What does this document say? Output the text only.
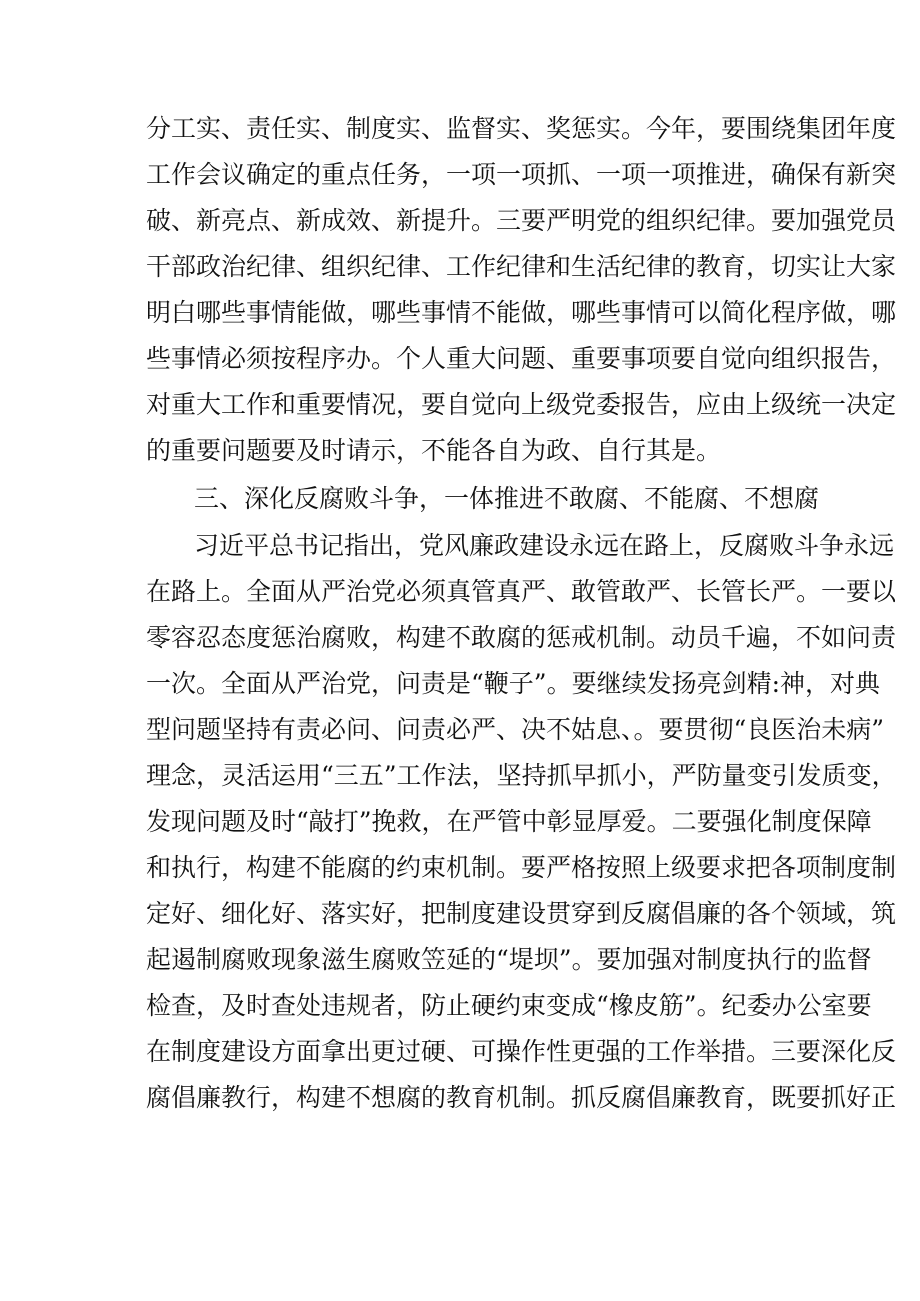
分工实、责任实、制度实、监督实、奖惩实。今年，要围绕集团年度

工作会议确定的重点任务，一项一项抓、一项一项推进，确保有新突

破、新亮点、新成效、新提升。三要严明党的组织纪律。要加强党员

干部政治纪律、组织纪律、工作纪律和生活纪律的教育，切实让大家

明白哪些事情能做，哪些事情不能做，哪些事情可以简化程序做，哪

些事情必须按程序办。个人重大问题、重要事项要自觉向组织报告，

对重大工作和重要情况，要自觉向上级党委报告，应由上级统一决定

的重要问题要及时请示，不能各自为政、自行其是。

三、深化反腐败斗争，一体推进不敢腐、不能腐、不想腐

习近平总书记指出，党风廉政建设永远在路上，反腐败斗争永远

在路上。全面从严治党必须真管真严、敢管敢严、长管长严。一要以

零容忍态度惩治腐败，构建不敢腐的惩戒机制。动员千遍，不如问责

一次。全面从严治党，问责是“鞭子”。要继续发扬亮剑精:神，对典

型问题坚持有责必问、问责必严、决不姑息、。要贯彻“良医治未病”

理念，灵活运用“三五”工作法，坚持抓早抓小，严防量变引发质变，

发现问题及时“敲打”挽救，在严管中彰显厚爱。二要强化制度保障

和执行，构建不能腐的约束机制。要严格按照上级要求把各项制度制

定好、细化好、落实好，把制度建设贯穿到反腐倡廉的各个领域，筑

起遏制腐败现象滋生腐败笠延的“堤坝”。要加强对制度执行的监督

检查，及时查处违规者，防止硬约束变成“橡皮筋”。纪委办公室要

在制度建设方面拿出更过硬、可操作性更强的工作举措。三要深化反

腐倡廉教行，构建不想腐的教育机制。抓反腐倡廉教育，既要抓好正
